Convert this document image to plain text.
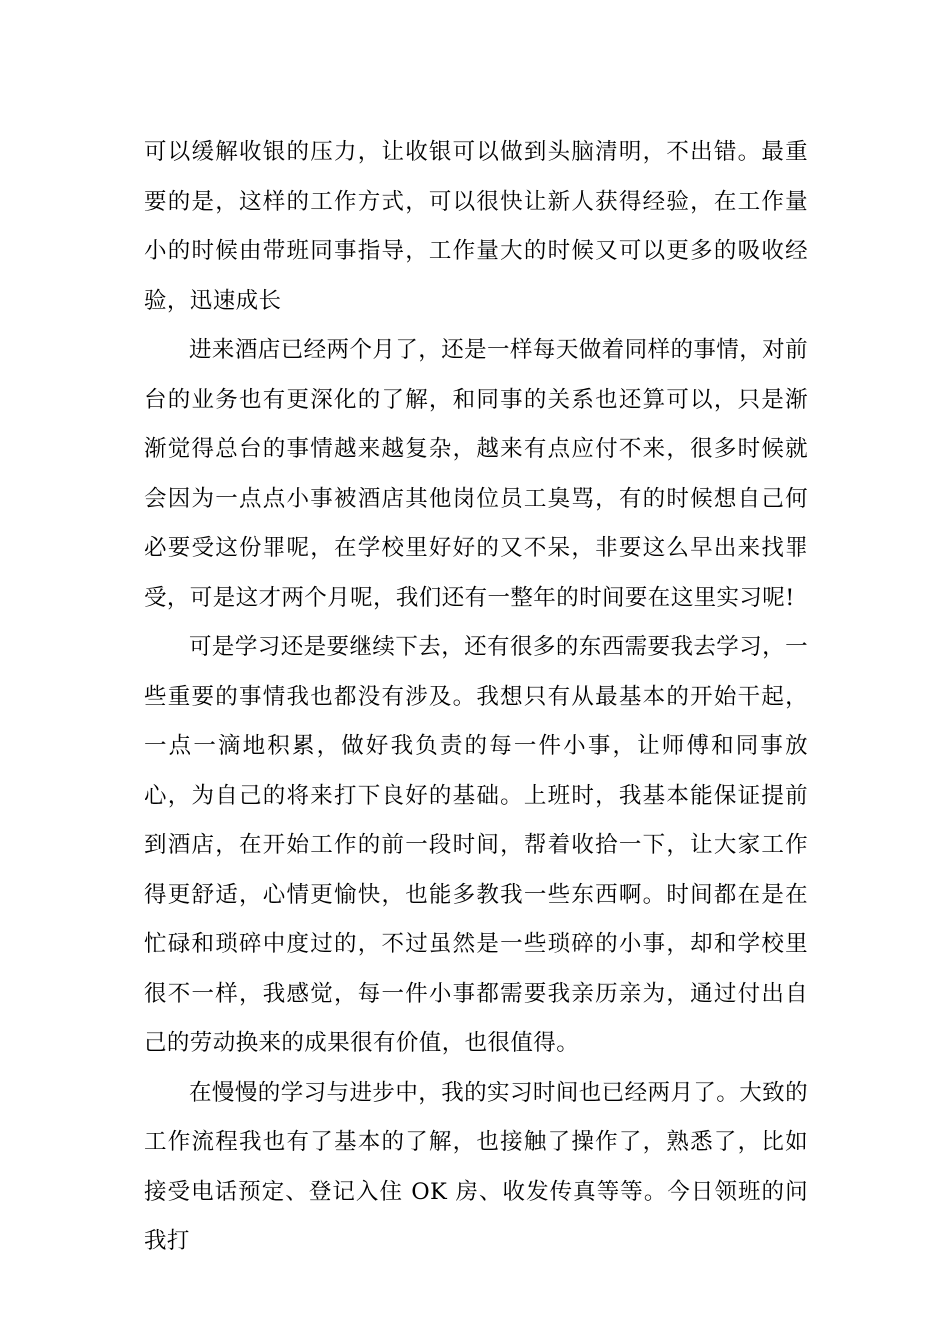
可以缓解收银的压力，让收银可以做到头脑清明，不出错。最重要的是，这样的工作方式，可以很快让新人获得经验，在工作量小的时候由带班同事指导，工作量大的时候又可以更多的吸收经验，迅速成长

进来酒店已经两个月了，还是一样每天做着同样的事情，对前台的业务也有更深化的了解，和同事的关系也还算可以，只是渐渐觉得总台的事情越来越复杂，越来有点应付不来，很多时候就会因为一点点小事被酒店其他岗位员工臭骂，有的时候想自己何必要受这份罪呢，在学校里好好的又不呆，非要这么早出来找罪受，可是这才两个月呢，我们还有一整年的时间要在这里实习呢!

可是学习还是要继续下去，还有很多的东西需要我去学习，一些重要的事情我也都没有涉及。我想只有从最基本的开始干起，一点一滴地积累，做好我负责的每一件小事，让师傅和同事放心，为自己的将来打下良好的基础。上班时，我基本能保证提前到酒店，在开始工作的前一段时间，帮着收拾一下，让大家工作得更舒适，心情更愉快，也能多教我一些东西啊。时间都在是在忙碌和琐碎中度过的，不过虽然是一些琐碎的小事，却和学校里很不一样，我感觉，每一件小事都需要我亲历亲为，通过付出自己的劳动换来的成果很有价值，也很值得。

在慢慢的学习与进步中，我的实习时间也已经两月了。大致的工作流程我也有了基本的了解，也接触了操作了，熟悉了，比如接受电话预定、登记入住 OK 房、收发传真等等。今日领班的问我打
